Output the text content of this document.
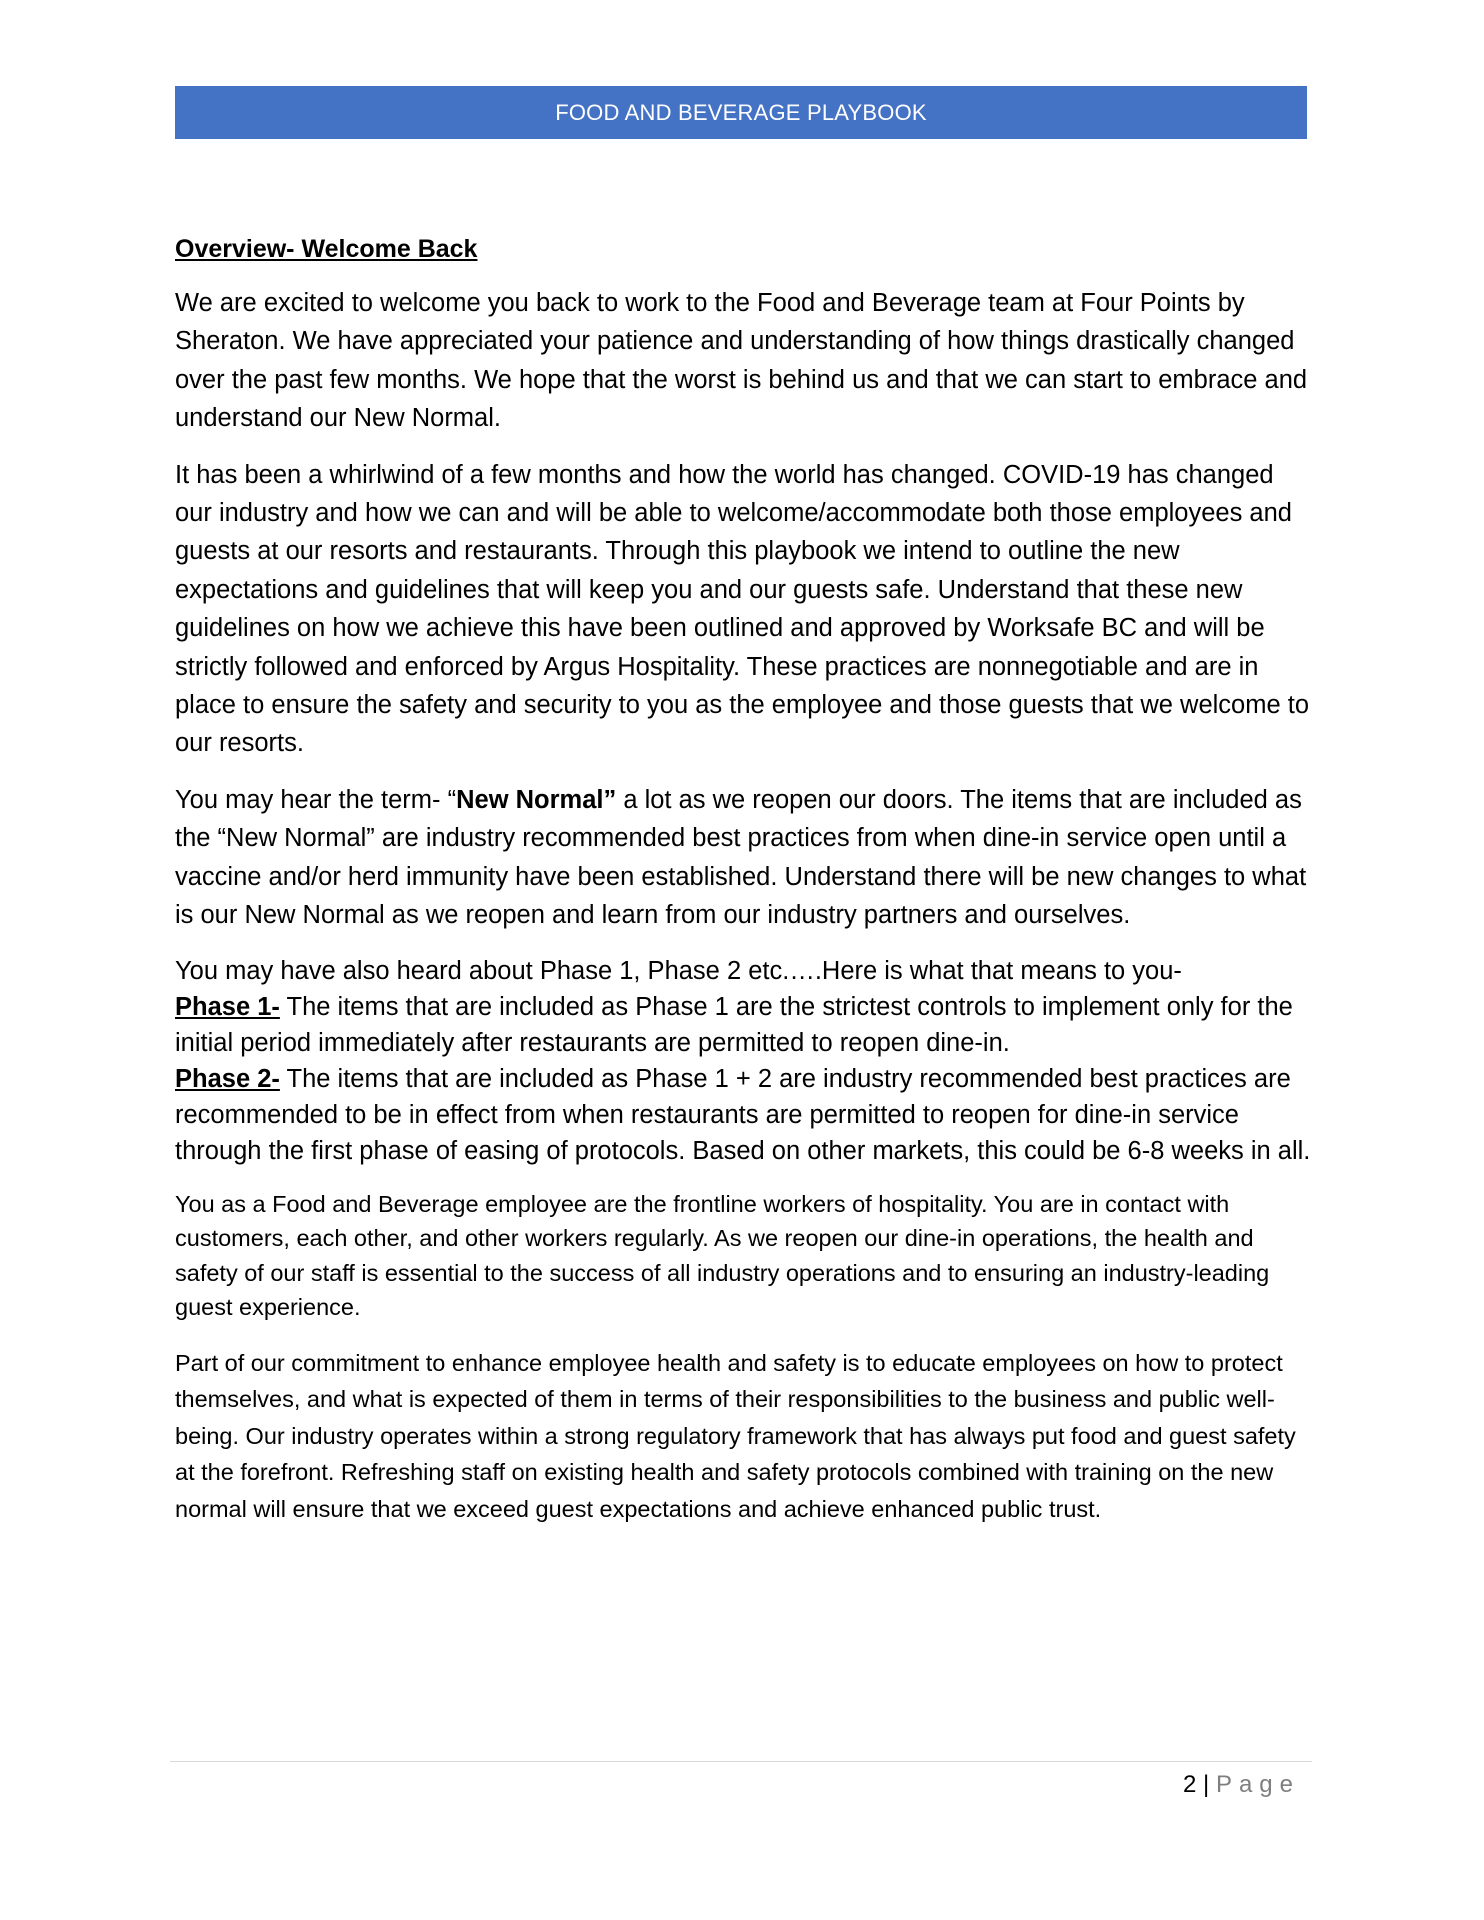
FOOD AND BEVERAGE PLAYBOOK
Overview- Welcome Back

We are excited to welcome you back to work to the Food and Beverage team at Four Points by Sheraton. We have appreciated your patience and understanding of how things drastically changed over the past few months. We hope that the worst is behind us and that we can start to embrace and understand our New Normal.

It has been a whirlwind of a few months and how the world has changed. COVID-19 has changed our industry and how we can and will be able to welcome/accommodate both those employees and guests at our resorts and restaurants. Through this playbook we intend to outline the new expectations and guidelines that will keep you and our guests safe. Understand that these new guidelines on how we achieve this have been outlined and approved by Worksafe BC and will be strictly followed and enforced by Argus Hospitality. These practices are nonnegotiable and are in place to ensure the safety and security to you as the employee and those guests that we welcome to our resorts.

You may hear the term- “New Normal” a lot as we reopen our doors. The items that are included as the “New Normal” are industry recommended best practices from when dine-in service open until a vaccine and/or herd immunity have been established. Understand there will be new changes to what is our New Normal as we reopen and learn from our industry partners and ourselves.

You may have also heard about Phase 1, Phase 2 etc.….Here is what that means to you-
Phase 1- The items that are included as Phase 1 are the strictest controls to implement only for the initial period immediately after restaurants are permitted to reopen dine-in.
Phase 2- The items that are included as Phase 1 + 2 are industry recommended best practices are recommended to be in effect from when restaurants are permitted to reopen for dine-in service through the first phase of easing of protocols. Based on other markets, this could be 6-8 weeks in all.

You as a Food and Beverage employee are the frontline workers of hospitality. You are in contact with customers, each other, and other workers regularly. As we reopen our dine-in operations, the health and safety of our staff is essential to the success of all industry operations and to ensuring an industry-leading guest experience.

Part of our commitment to enhance employee health and safety is to educate employees on how to protect themselves, and what is expected of them in terms of their responsibilities to the business and public well-being. Our industry operates within a strong regulatory framework that has always put food and guest safety at the forefront. Refreshing staff on existing health and safety protocols combined with training on the new normal will ensure that we exceed guest expectations and achieve enhanced public trust.

2 | Page
